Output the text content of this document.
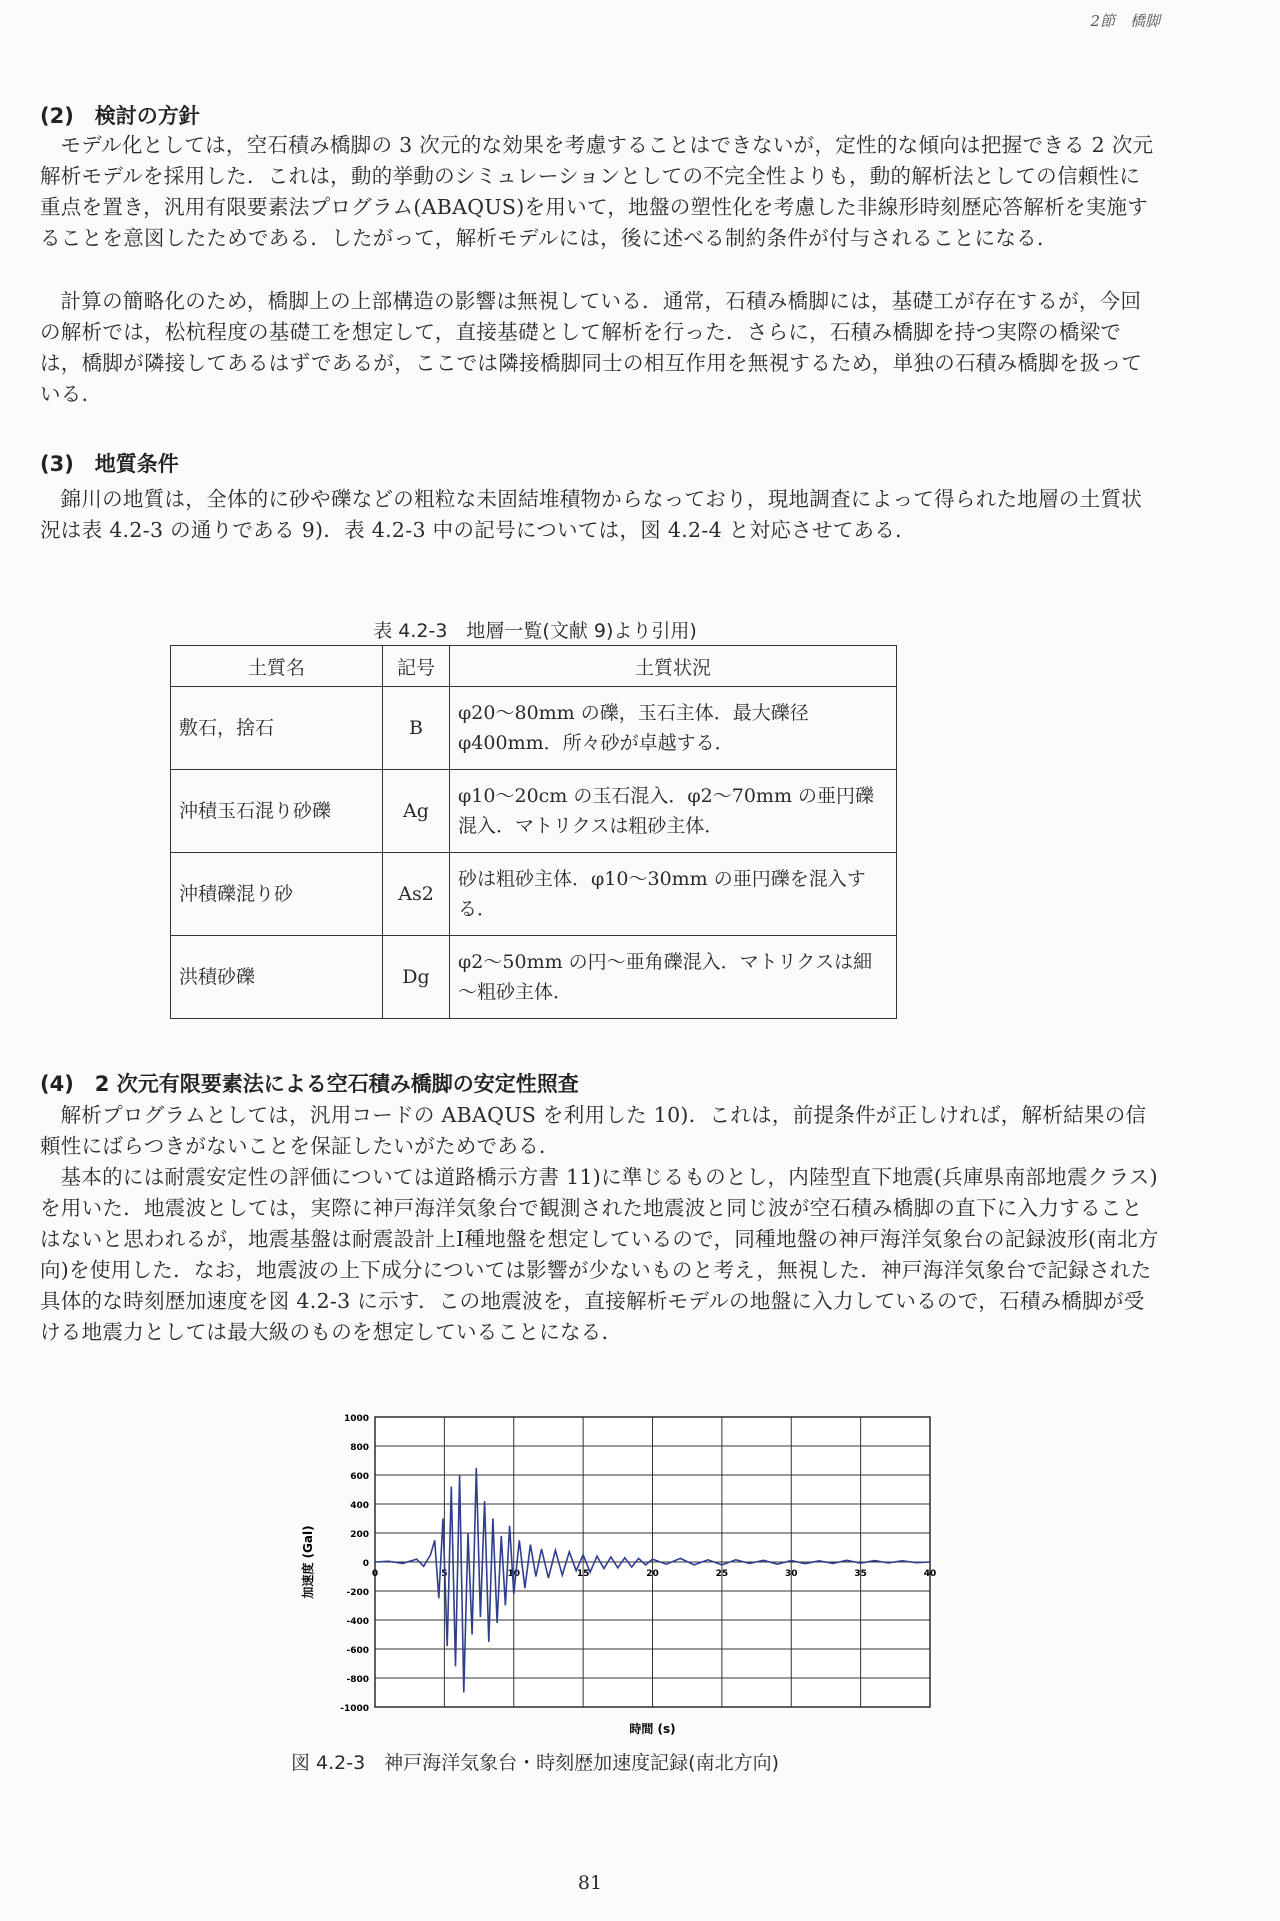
2節　橋脚
(2)　検討の方針

モデル化としては，空石積み橋脚の 3 次元的な効果を考慮することはできないが，定性的な傾向は把握できる 2 次元解析モデルを採用した．これは，動的挙動のシミュレーションとしての不完全性よりも，動的解析法としての信頼性に重点を置き，汎用有限要素法プログラム(ABAQUS)を用いて，地盤の塑性化を考慮した非線形時刻歴応答解析を実施することを意図したためである．したがって，解析モデルには，後に述べる制約条件が付与されることになる．

計算の簡略化のため，橋脚上の上部構造の影響は無視している．通常，石積み橋脚には，基礎工が存在するが，今回の解析では，松杭程度の基礎工を想定して，直接基礎として解析を行った．さらに，石積み橋脚を持つ実際の橋梁では，橋脚が隣接してあるはずであるが，ここでは隣接橋脚同士の相互作用を無視するため，単独の石積み橋脚を扱っている．

(3)　地質条件

錦川の地質は，全体的に砂や礫などの粗粒な未固結堆積物からなっており，現地調査によって得られた地層の土質状況は表 4.2-3 の通りである 9)．表 4.2-3 中の記号については，図 4.2-4 と対応させてある．

表 4.2-3　地層一覧(文献 9)より引用)
土質名	記号	土質状況
敷石，捨石	B	φ20～80mm の礫，玉石主体．最大礫径 φ400mm．所々砂が卓越する．
沖積玉石混り砂礫	Ag	φ10～20cm の玉石混入．φ2～70mm の亜円礫混入．マトリクスは粗砂主体．
沖積礫混り砂	As2	砂は粗砂主体．φ10～30mm の亜円礫を混入する．
洪積砂礫	Dg	φ2～50mm の円～亜角礫混入．マトリクスは細～粗砂主体．
(4)　2 次元有限要素法による空石積み橋脚の安定性照査

解析プログラムとしては，汎用コードの ABAQUS を利用した 10)．これは，前提条件が正しければ，解析結果の信頼性にばらつきがないことを保証したいがためである．

基本的には耐震安定性の評価については道路橋示方書 11)に準じるものとし，内陸型直下地震(兵庫県南部地震クラス)を用いた．地震波としては，実際に神戸海洋気象台で観測された地震波と同じ波が空石積み橋脚の直下に入力することはないと思われるが，地震基盤は耐震設計上Ⅰ種地盤を想定しているので，同種地盤の神戸海洋気象台の記録波形(南北方向)を使用した．なお，地震波の上下成分については影響が少ないものと考え，無視した．神戸海洋気象台で記録された具体的な時刻歴加速度を図 4.2-3 に示す．この地震波を，直接解析モデルの地盤に入力しているので，石積み橋脚が受ける地震力としては最大級のものを想定していることになる．

1000
800
600
400
200
0
-200
-400
-600
-800
-1000
0	5	10	15	20	25	30	35	40
時間 (s)
加速度 (Gal)
図 4.2-3　神戸海洋気象台・時刻歴加速度記録(南北方向)
81
